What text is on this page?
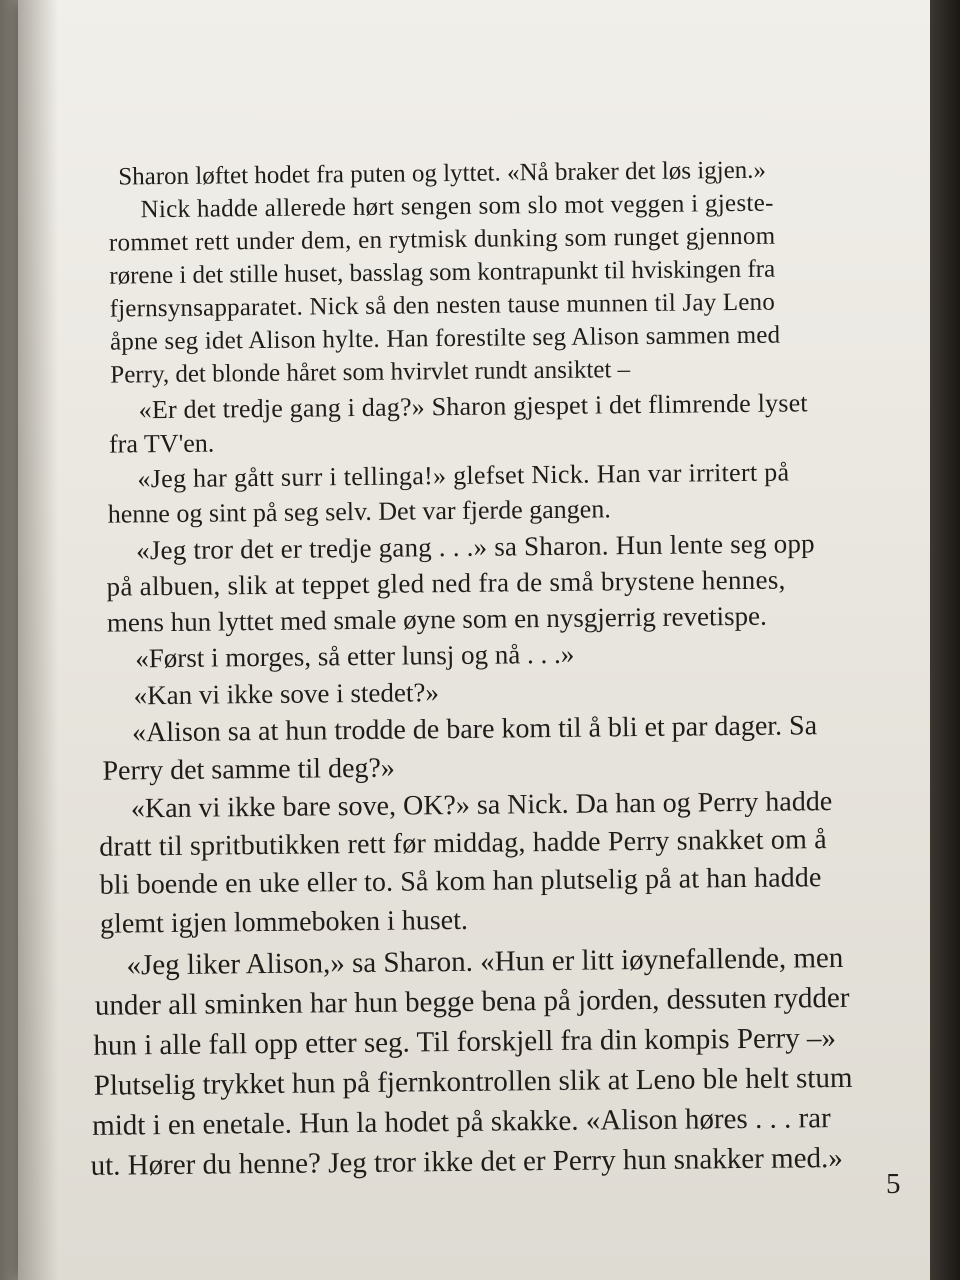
Sharon løftet hodet fra puten og lyttet. «Nå braker det løs igjen.»
Nick hadde allerede hørt sengen som slo mot veggen i gjeste-
rommet rett under dem, en rytmisk dunking som runget gjennom
rørene i det stille huset, basslag som kontrapunkt til hviskingen fra
fjernsynsapparatet. Nick så den nesten tause munnen til Jay Leno
åpne seg idet Alison hylte. Han forestilte seg Alison sammen med
Perry, det blonde håret som hvirvlet rundt ansiktet –
«Er det tredje gang i dag?» Sharon gjespet i det flimrende lyset
fra TV'en.
«Jeg har gått surr i tellinga!» glefset Nick. Han var irritert på
henne og sint på seg selv. Det var fjerde gangen.
«Jeg tror det er tredje gang . . .» sa Sharon. Hun lente seg opp
på albuen, slik at teppet gled ned fra de små brystene hennes,
mens hun lyttet med smale øyne som en nysgjerrig revetispe.
«Først i morges, så etter lunsj og nå . . .»
«Kan vi ikke sove i stedet?»
«Alison sa at hun trodde de bare kom til å bli et par dager. Sa
Perry det samme til deg?»
«Kan vi ikke bare sove, OK?» sa Nick. Da han og Perry hadde
dratt til spritbutikken rett før middag, hadde Perry snakket om å
bli boende en uke eller to. Så kom han plutselig på at han hadde
glemt igjen lommeboken i huset.
«Jeg liker Alison,» sa Sharon. «Hun er litt iøynefallende, men
under all sminken har hun begge bena på jorden, dessuten rydder
hun i alle fall opp etter seg. Til forskjell fra din kompis Perry –»
Plutselig trykket hun på fjernkontrollen slik at Leno ble helt stum
midt i en enetale. Hun la hodet på skakke. «Alison høres . . . rar
ut. Hører du henne? Jeg tror ikke det er Perry hun snakker med.»
5
